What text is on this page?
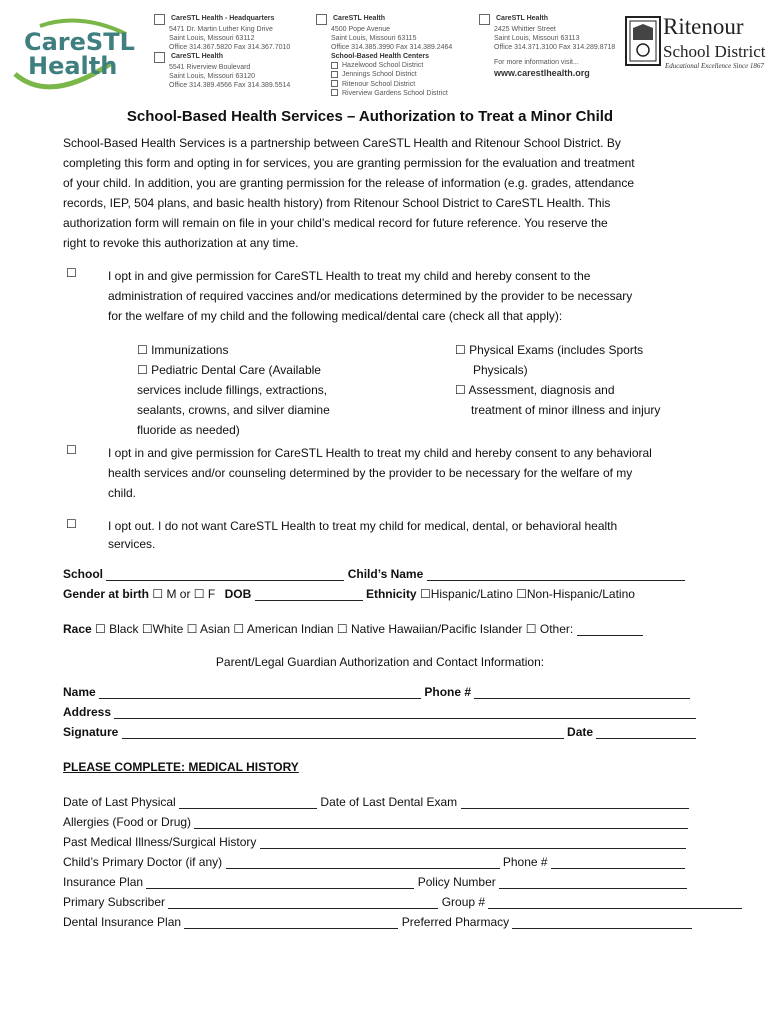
CareSTL
Health
CareSTL Health - Headquarters
5471 Dr. Martin Luther King Drive
Saint Louis, Missouri 63112
Office 314.367.5820 Fax 314.367.7010
CareSTL Health
5541 Riverview Boulevard
Saint Louis, Missouri 63120
Office 314.389.4566 Fax 314.389.5514
CareSTL Health
4500 Pope Avenue
Saint Louis, Missouri 63115
Office 314.385.3990 Fax 314.389.2464
School-Based Health Centers
Hazelwood School District
Jennings School District
Ritenour School District
Riverview Gardens School District
CareSTL Health
2425 Whittier Street
Saint Louis, Missouri 63113
Office 314.371.3100 Fax 314.289.8718
For more information visit...
www.carestlhealth.org
Ritenour
School District
Educational Excellence Since 1867
School-Based Health Services – Authorization to Treat a Minor Child
School-Based Health Services is a partnership between CareSTL Health and Ritenour School District. By
completing this form and opting in for services, you are granting permission for the evaluation and treatment
of your child. In addition, you are granting permission for the release of information (e.g. grades, attendance
records, IEP, 504 plans, and basic health history) from Ritenour School District to CareSTL Health. This
authorization form will remain on file in your child’s medical record for future reference. You reserve the
right to revoke this authorization at any time.
☐	I opt in and give permission for CareSTL Health to treat my child and hereby consent to the
administration of required vaccines and/or medications determined by the provider to be necessary
for the welfare of my child and the following medical/dental care (check all that apply):
☐ Immunizations
☐ Pediatric Dental Care (Available
services include fillings, extractions,
sealants, crowns, and silver diamine
fluoride as needed)
☐ Physical Exams (includes Sports
Physicals)
☐ Assessment, diagnosis and
treatment of minor illness and injury
☐	I opt in and give permission for CareSTL Health to treat my child and hereby consent to any behavioral
health services and/or counseling determined by the provider to be necessary for the welfare of my
child.
☐	I opt out. I do not want CareSTL Health to treat my child for medical, dental, or behavioral health
services.
School	Child’s Name
Gender at birth ☐ M or ☐ F DOB	Ethnicity ☐Hispanic/Latino ☐Non-Hispanic/Latino
Race ☐ Black ☐White ☐ Asian ☐ American Indian ☐ Native Hawaiian/Pacific Islander ☐ Other:
Parent/Legal Guardian Authorization and Contact Information:
Name	Phone #
Address
Signature	Date
PLEASE COMPLETE: MEDICAL HISTORY
Date of Last Physical	Date of Last Dental Exam
Allergies (Food or Drug)
Past Medical Illness/Surgical History
Child’s Primary Doctor (if any)	Phone #
Insurance Plan	Policy Number
Primary Subscriber	Group #
Dental Insurance Plan	Preferred Pharmacy
